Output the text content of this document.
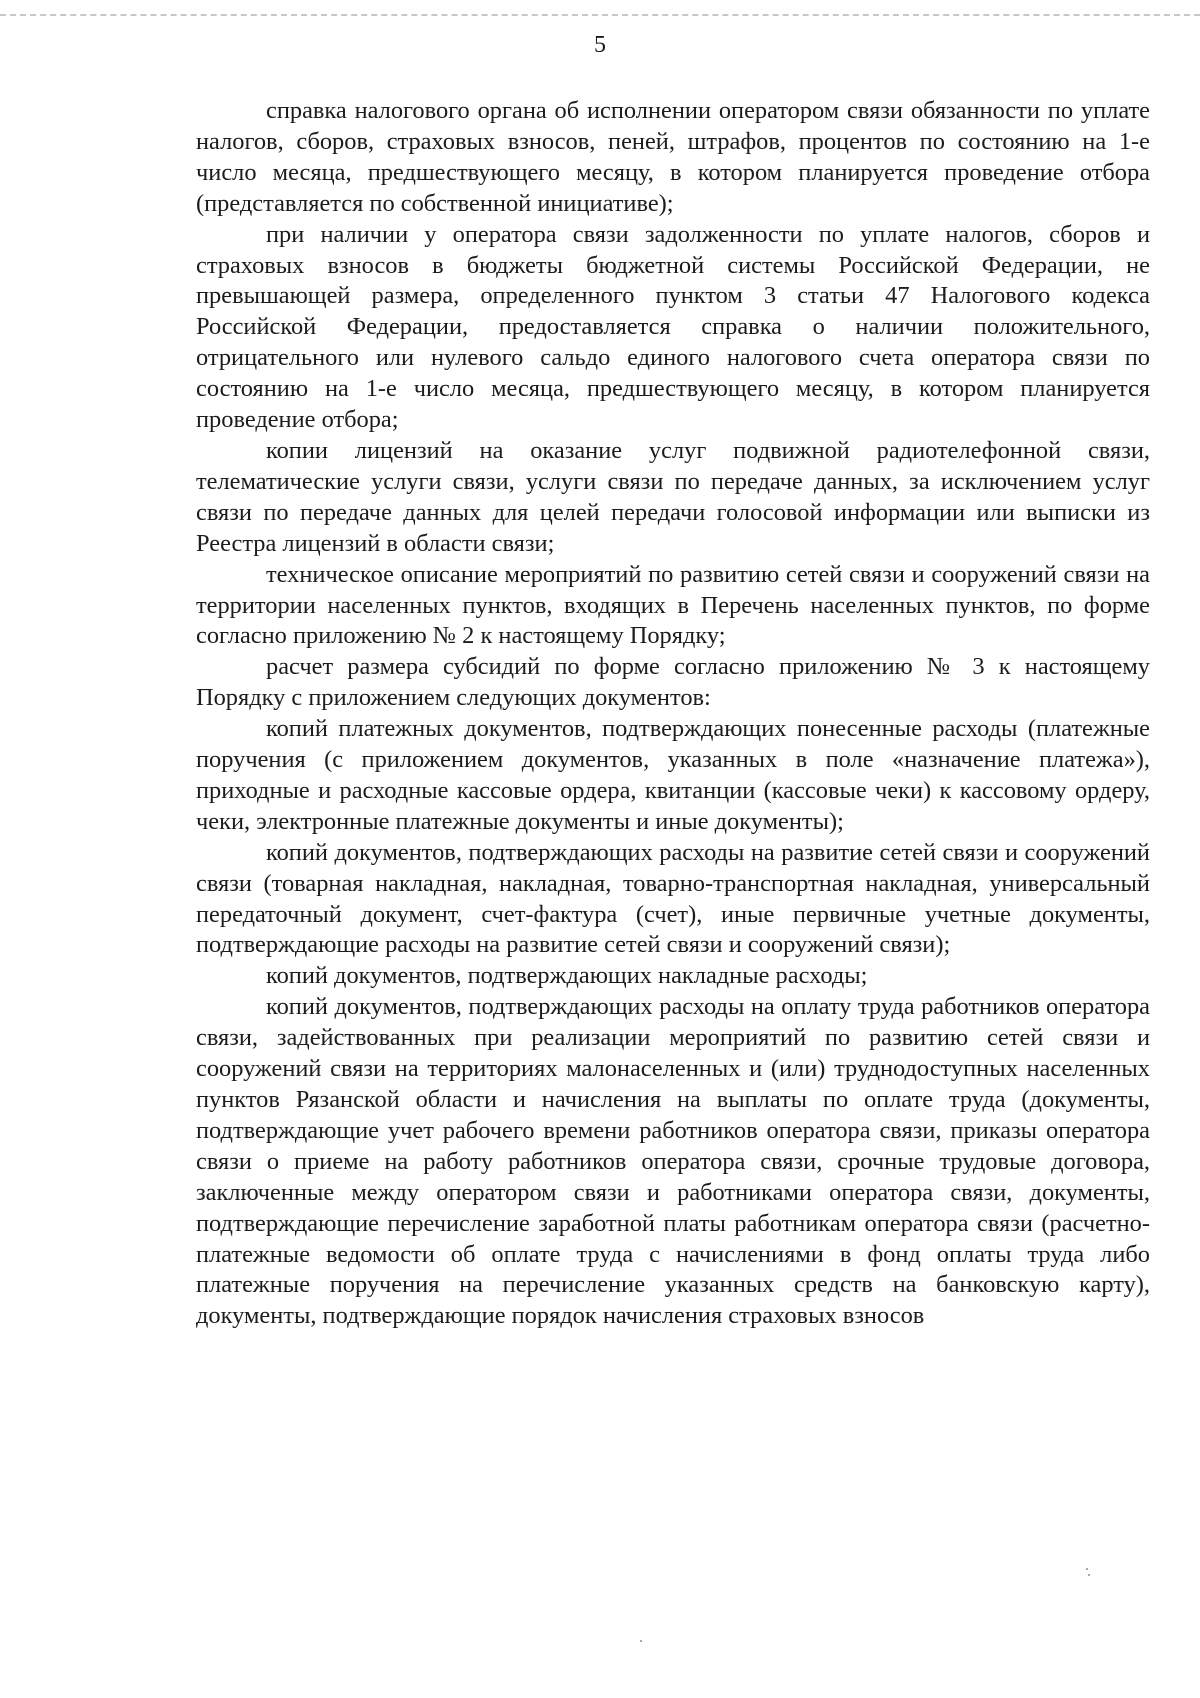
5

справка налогового органа об исполнении оператором связи обязанности по уплате налогов, сборов, страховых взносов, пеней, штрафов, процентов по состоянию на 1-е число месяца, предшествующего месяцу, в котором планируется проведение отбора (представляется по собственной инициативе);

при наличии у оператора связи задолженности по уплате налогов, сборов и страховых взносов в бюджеты бюджетной системы Российской Федерации, не превышающей размера, определенного пунктом 3 статьи 47 Налогового кодекса Российской Федерации, предоставляется справка о наличии положительного, отрицательного или нулевого сальдо единого налогового счета оператора связи по состоянию на 1-е число месяца, предшествующего месяцу, в котором планируется проведение отбора;

копии лицензий на оказание услуг подвижной радиотелефонной связи, телематические услуги связи, услуги связи по передаче данных, за исключением услуг связи по передаче данных для целей передачи голосовой информации или выписки из Реестра лицензий в области связи;

техническое описание мероприятий по развитию сетей связи и сооружений связи на территории населенных пунктов, входящих в Перечень населенных пунктов, по форме согласно приложению № 2 к настоящему Порядку;

расчет размера субсидий по форме согласно приложению № 3 к настоящему Порядку с приложением следующих документов:

копий платежных документов, подтверждающих понесенные расходы (платежные поручения (с приложением документов, указанных в поле «назначение платежа»), приходные и расходные кассовые ордера, квитанции (кассовые чеки) к кассовому ордеру, чеки, электронные платежные документы и иные документы);

копий документов, подтверждающих расходы на развитие сетей связи и сооружений связи (товарная накладная, накладная, товарно-транспортная накладная, универсальный передаточный документ, счет-фактура (счет), иные первичные учетные документы, подтверждающие расходы на развитие сетей связи и сооружений связи);

копий документов, подтверждающих накладные расходы;

копий документов, подтверждающих расходы на оплату труда работников оператора связи, задействованных при реализации мероприятий по развитию сетей связи и сооружений связи на территориях малонаселенных и (или) труднодоступных населенных пунктов Рязанской области и начисления на выплаты по оплате труда (документы, подтверждающие учет рабочего времени работников оператора связи, приказы оператора связи о приеме на работу работников оператора связи, срочные трудовые договора, заключенные между оператором связи и работниками оператора связи, документы, подтверждающие перечисление заработной платы работникам оператора связи (расчетно-платежные ведомости об оплате труда с начислениями в фонд оплаты труда либо платежные поручения на перечисление указанных средств на банковскую карту), документы, подтверждающие порядок начисления страховых взносов
